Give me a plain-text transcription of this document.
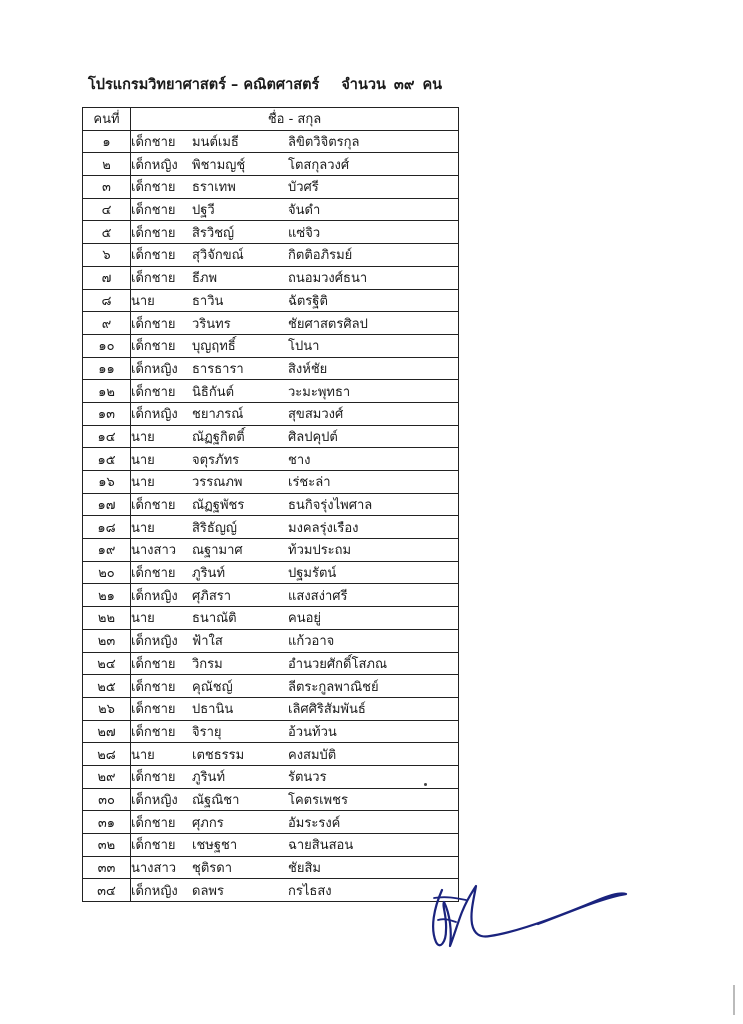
โปรแกรมวิทยาศาสตร์ – คณิตศาสตร์ จำนวน ๓๙ คน
คนที่	ชื่อ - สกุล
๑	เด็กชาย มนต์เมธี ลิขิตวิจิตรกุล
๒	เด็กหญิง พิชามญชุ์ โตสกุลวงศ์
๓	เด็กชาย ธราเทพ บัวศรี
๔	เด็กชาย ปฐวี จันดำ
๕	เด็กชาย สิรวิชญ์ แซ่จิว
๖	เด็กชาย สุวิจักขณ์ กิตติอภิรมย์
๗	เด็กชาย ธีภพ ถนอมวงศ์ธนา
๘	นาย ธาวิน ฉัตรฐิติ
๙	เด็กชาย วรินทร ชัยศาสตรศิลป
๑๐	เด็กชาย บุญฤทธิ์ โปนา
๑๑	เด็กหญิง ธารธารา สิงห์ชัย
๑๒	เด็กชาย นิธิกันต์ วะมะพุทธา
๑๓	เด็กหญิง ชยาภรณ์ สุขสมวงศ์
๑๔	นาย ณัฏฐกิตติ์ ศิลปคุปต์
๑๕	นาย จตุรภัทร ชาง
๑๖	นาย วรรณภพ เร่ชะล่า
๑๗	เด็กชาย ณัฏฐพัชร ธนกิจรุ่งไพศาล
๑๘	นาย สิริธัญญ์ มงคลรุ่งเรือง
๑๙	นางสาว ณฐามาศ ท้วมประถม
๒๐	เด็กชาย ภูรินท์ ปฐมรัตน์
๒๑	เด็กหญิง ศุภิสรา แสงสง่าศรี
๒๒	นาย ธนาณัติ คนอยู่
๒๓	เด็กหญิง ฟ้าใส แก้วอาจ
๒๔	เด็กชาย วิกรม อำนวยศักดิ์โสภณ
๒๕	เด็กชาย คุณัชญ์ ลีตระกูลพาณิชย์
๒๖	เด็กชาย ปธานิน เลิศศิริสัมพันธ์
๒๗	เด็กชาย จิรายุ อ้วนท้วน
๒๘	นาย เตชธรรม คงสมบัติ
๒๙	เด็กชาย ภูรินท์ รัตนวร
๓๐	เด็กหญิง ณัฐณิชา โคตรเพชร
๓๑	เด็กชาย ศุภกร อัมระรงค์
๓๒	เด็กชาย เชษฐชา ฉายสินสอน
๓๓	นางสาว ชุติรดา ชัยสิม
๓๔	เด็กหญิง ดลพร กรไธสง
